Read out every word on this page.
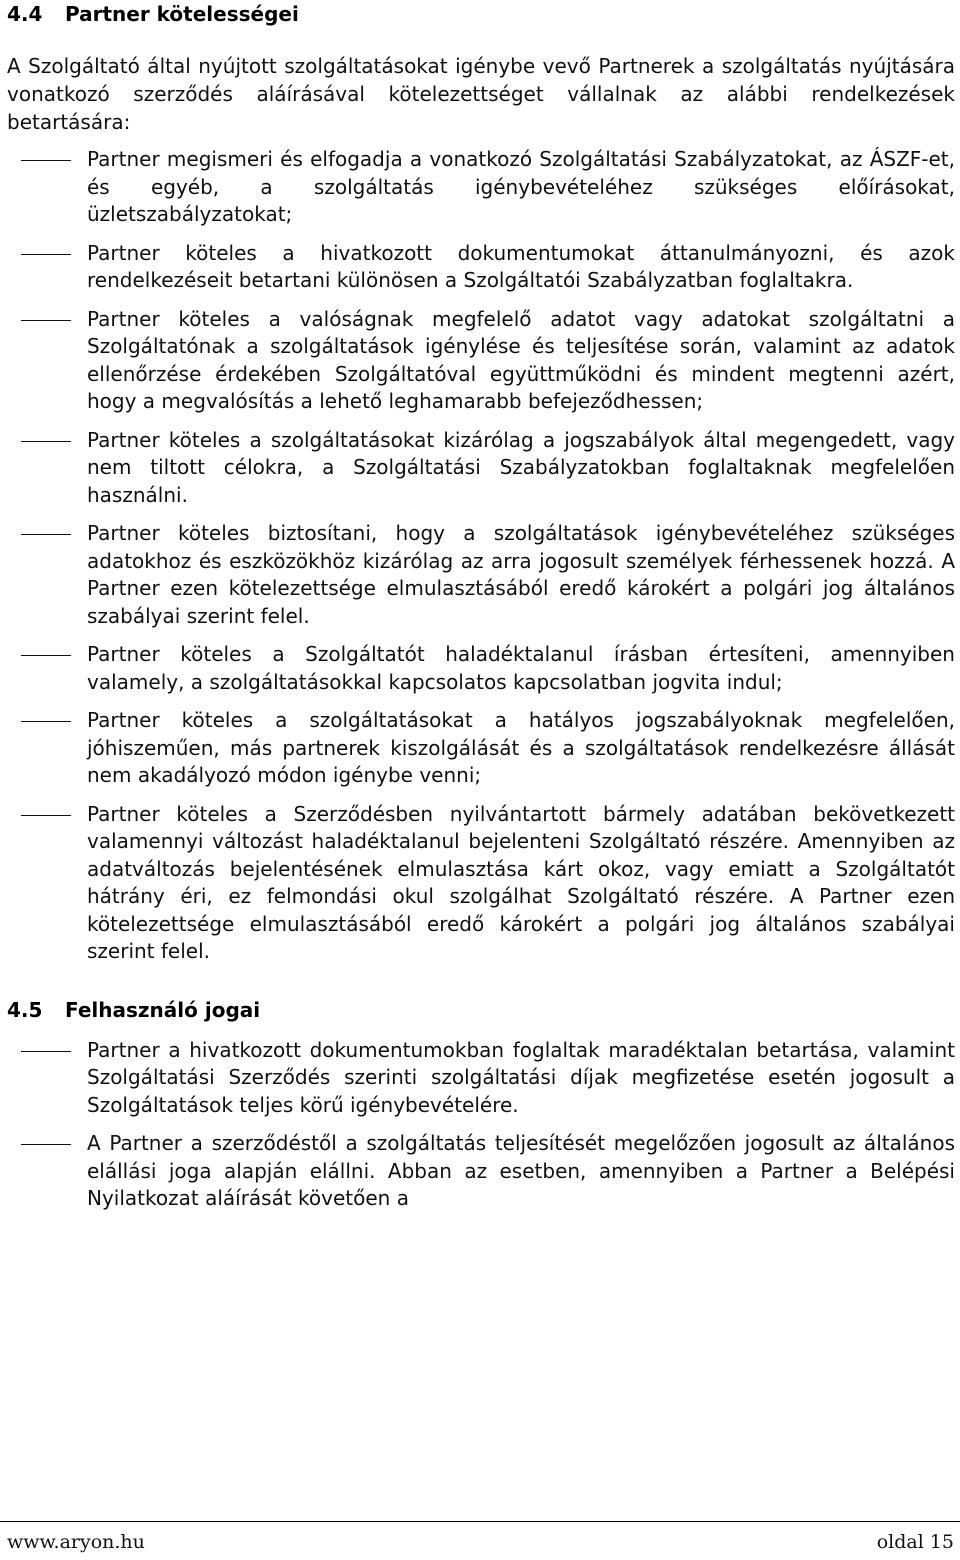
4.4	Partner kötelességei

A Szolgáltató által nyújtott szolgáltatásokat igénybe vevő Partnerek a szolgáltatás nyújtására vonatkozó szerződés aláírásával kötelezettséget vállalnak az alábbi rendelkezések betartására:

Partner megismeri és elfogadja a vonatkozó Szolgáltatási Szabályzatokat, az ÁSZF-et, és egyéb, a szolgáltatás igénybevételéhez szükséges előírásokat, üzletszabályzatokat;
Partner köteles a hivatkozott dokumentumokat áttanulmányozni, és azok rendelkezéseit betartani különösen a Szolgáltatói Szabályzatban foglaltakra.
Partner köteles a valóságnak megfelelő adatot vagy adatokat szolgáltatni a Szolgáltatónak a szolgáltatások igénylése és teljesítése során, valamint az adatok ellenőrzése érdekében Szolgáltatóval együttműködni és mindent megtenni azért, hogy a megvalósítás a lehető leghamarabb befejeződhessen;
Partner köteles a szolgáltatásokat kizárólag a jogszabályok által megengedett, vagy nem tiltott célokra, a Szolgáltatási Szabályzatokban foglaltaknak megfelelően használni.
Partner köteles biztosítani, hogy a szolgáltatások igénybevételéhez szükséges adatokhoz és eszközökhöz kizárólag az arra jogosult személyek férhessenek hozzá. A Partner ezen kötelezettsége elmulasztásából eredő károkért a polgári jog általános szabályai szerint felel.
Partner köteles a Szolgáltatót haladéktalanul írásban értesíteni, amennyiben valamely, a szolgáltatásokkal kapcsolatos kapcsolatban jogvita indul;
Partner köteles a szolgáltatásokat a hatályos jogszabályoknak megfelelően, jóhiszeműen, más partnerek kiszolgálását és a szolgáltatások rendelkezésre állását nem akadályozó módon igénybe venni;
Partner köteles a Szerződésben nyilvántartott bármely adatában bekövetkezett valamennyi változást haladéktalanul bejelenteni Szolgáltató részére. Amennyiben az adatváltozás bejelentésének elmulasztása kárt okoz, vagy emiatt a Szolgáltatót hátrány éri, ez felmondási okul szolgálhat Szolgáltató részére. A Partner ezen kötelezettsége elmulasztásából eredő károkért a polgári jog általános szabályai szerint felel.
4.5	Felhasználó jogai
Partner a hivatkozott dokumentumokban foglaltak maradéktalan betartása, valamint Szolgáltatási Szerződés szerinti szolgáltatási díjak megfizetése esetén jogosult a Szolgáltatások teljes körű igénybevételére.
A Partner a szerződéstől a szolgáltatás teljesítését megelőzően jogosult az általános elállási joga alapján elállni. Abban az esetben, amennyiben a Partner a Belépési Nyilatkozat aláírását követően a
www.aryon.hu	oldal 15
